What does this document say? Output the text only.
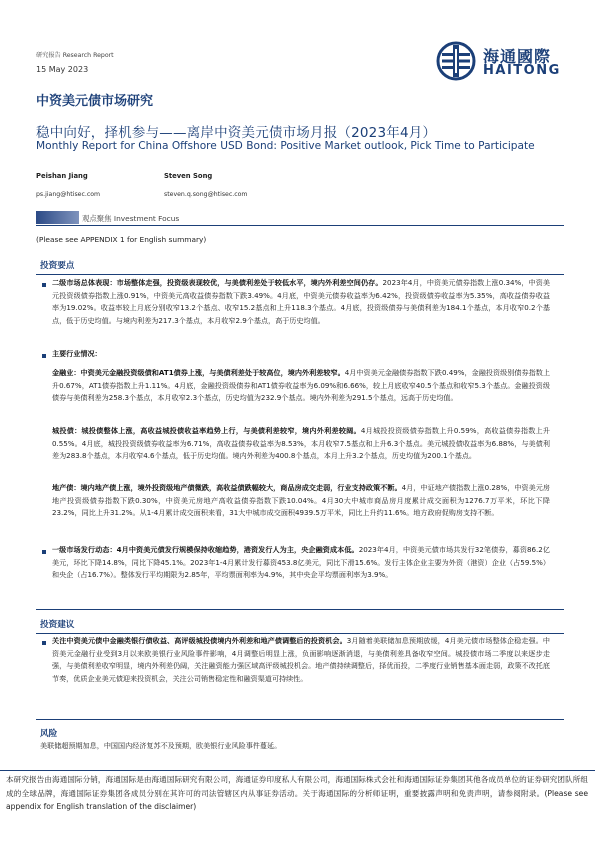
研究报告 Research Report
15 May 2023
海通國際
HAITONG
中资美元债市场研究
稳中向好，择机参与——离岸中资美元债市场月报（2023年4月）
Monthly Report for China Offshore USD Bond: Positive Market outlook, Pick Time to Participate
Peishan Jiang
ps.jiang@htisec.com
Steven Song
steven.q.song@htisec.com
观点聚焦 Investment Focus
(Please see APPENDIX 1 for English summary)
投资要点
二级市场总体表现：市场整体走强，投资级表现较优，与美债利差处于较低水平，境内外利差空间仍存。2023年4月，中资美元债券指数上涨0.34%，中资美元投资级债券指数上涨0.91%，中资美元高收益债券指数下跌3.49%。4月底，中资美元债券收益率为6.42%，投资级债券收益率为5.35%，高收益债券收益率为19.02%。收益率较上月底分别收窄13.2个基点、收窄15.2基点和上升118.3个基点。4月底，投资级债券与美债利差为184.1个基点，本月收窄0.2个基点，低于历史均值。与境内利差为217.3个基点，本月收窄2.9个基点，高于历史均值。
主要行业情况：
金融业：中资美元金融投资级债和AT1债券上涨，与美债利差处于较高位，境内外利差较窄。4月中资美元金融债券指数下跌0.49%，金融投资级别债券指数上升0.67%，AT1债券指数上升1.11%。4月底，金融投资级债券和AT1债券收益率为6.09%和6.66%，较上月底收窄40.5个基点和收窄5.3个基点。金融投资级债券与美债利差为258.3个基点，本月收窄2.3个基点，历史均值为232.9个基点。境内外利差为291.5个基点，远高于历史均值。
城投债：城投债整体上涨，高收益城投债收益率趋势上行，与美债利差较窄，境内外利差较阔。4月城投投资级债券指数上升0.59%，高收益债券指数上升0.55%。4月底，城投投资级债券收益率为6.71%，高收益债券收益率为8.53%，本月收窄7.5基点和上升6.3个基点。美元城投债收益率为6.88%，与美债利差为283.8个基点，本月收窄4.6个基点，低于历史均值。境内外利差为400.8个基点，本月上升3.2个基点，历史均值为200.1个基点。
地产债：境内地产债上涨，境外投资级地产债微跌，高收益债跌幅较大，商品房成交走弱，行业支持政策不断。4月，中证地产债指数上涨0.28%，中资美元房地产投资级债券指数下跌0.30%，中资美元房地产高收益债券指数下跌10.04%。4月30大中城市商品房月度累计成交面积为1276.7万平米，环比下降23.2%，同比上升31.2%。从1-4月累计成交面积来看，31大中城市成交面积4939.5万平米，同比上升约11.6%。地方政府促购房支持不断。
一级市场发行动态：4月中资美元债发行规模保持收缩趋势，港资发行人为主，央企融资成本低。2023年4月，中资美元债市场共发行32笔债券，募资86.2亿美元，环比下降14.8%，同比下降45.1%。2023年1-4月累计发行募资453.8亿美元，同比下滑15.6%。发行主体企业主要为外资（港资）企业（占59.5%）和央企（占16.7%）。整体发行平均期限为2.85年，平均票面利率为4.9%，其中央企平均票面利率为3.9%。
投资建议
关注中资美元债中金融类银行债收益、高评级城投债境内外利差和地产债调整后的投资机会。3月随着美联储加息预期放缓，4月美元债市场整体企稳走强。中资美元金融行业受到3月以来欧美银行业风险事件影响，4月调整后明显上涨，负面影响逐渐消退，与美债利差具备收窄空间。城投债市场二季度以来逐步走强，与美债利差收窄明显，境内外利差仍阔，关注融资能力强区域高评级城投机会。地产债持续调整后，择优而投，二季度行业销售基本面走弱，政策不改托底节奏，优质企业美元债迎来投资机会，关注公司销售稳定性和融资渠道可持续性。
风险
美联储超预期加息，中国国内经济复苏不及预期，欧美银行业风险事件蔓延。
本研究报告由海通国际分销，海通国际是由海通国际研究有限公司，海通证券印度私人有限公司，海通国际株式会社和海通国际证券集团其他各成员单位的证券研究团队所组成的全球品牌，海通国际证券集团各成员分别在其许可的司法管辖区内从事证券活动。关于海通国际的分析师证明，重要披露声明和免责声明，请参阅附录。(Please see appendix for English translation of the disclaimer)
